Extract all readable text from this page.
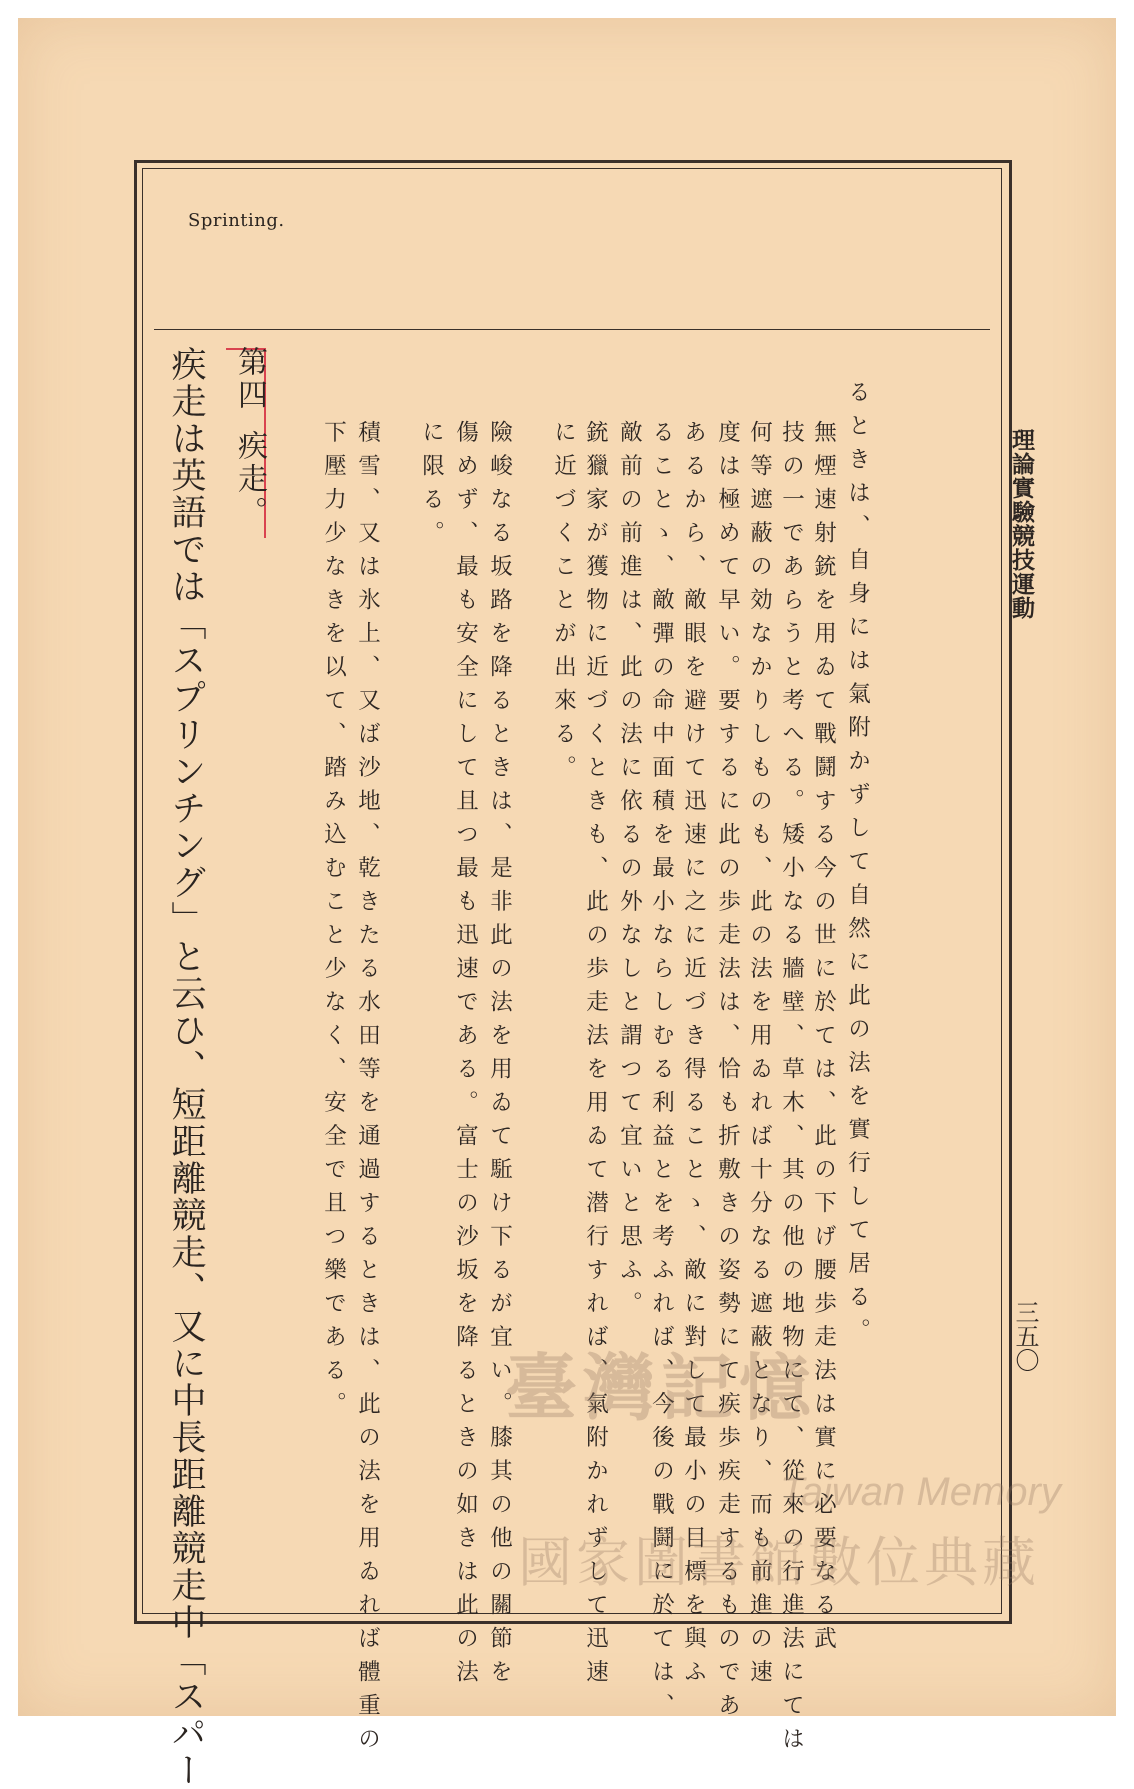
Sprinting.
理論實驗競技運動
三五〇
るときは、自身には氣附かずして自然に此の法を實行して居る。
無煙速射銃を用ゐて戰鬪する今の世に於ては、此の下げ腰歩走法は實に必要なる武
技の一であらうと考へる。矮小なる牆壁、草木、其の他の地物にて、從來の行進法にては
何等遮蔽の効なかりしものも、此の法を用ゐれば十分なる遮蔽となり、而も前進の速
度は極めて早い。要するに此の歩走法は、恰も折敷きの姿勢にて疾歩疾走するものであ
あるから、敵眼を避けて迅速に之に近づき得ることゝ、敵に對して最小の目標を與ふ
ることゝ、敵彈の命中面積を最小ならしむる利益とを考ふれば、今後の戰鬪に於ては、
敵前の前進は、此の法に依るの外なしと謂つて宜いと思ふ。
銃獵家が獲物に近づくときも、此の歩走法を用ゐて潜行すれば、氣附かれずして迅速
に近づくことが出來る。
險峻なる坂路を降るときは、是非此の法を用ゐて駈け下るが宜い。膝其の他の關節を
傷めず、最も安全にして且つ最も迅速である。富士の沙坂を降るときの如きは此の法
に限る。
積雪、又は氷上、又ば沙地、乾きたる水田等を通過するときは、此の法を用ゐれば體重の
下壓力少なきを以て、踏み込むこと少なく、安全で且つ樂である。
第四疾走。
疾走は英語では「スプリンチング」と云ひ、短距離競走、又に中長距離競走中「スパー	臺灣記憶
Taiwan Memory
國家圖書館數位典藏
